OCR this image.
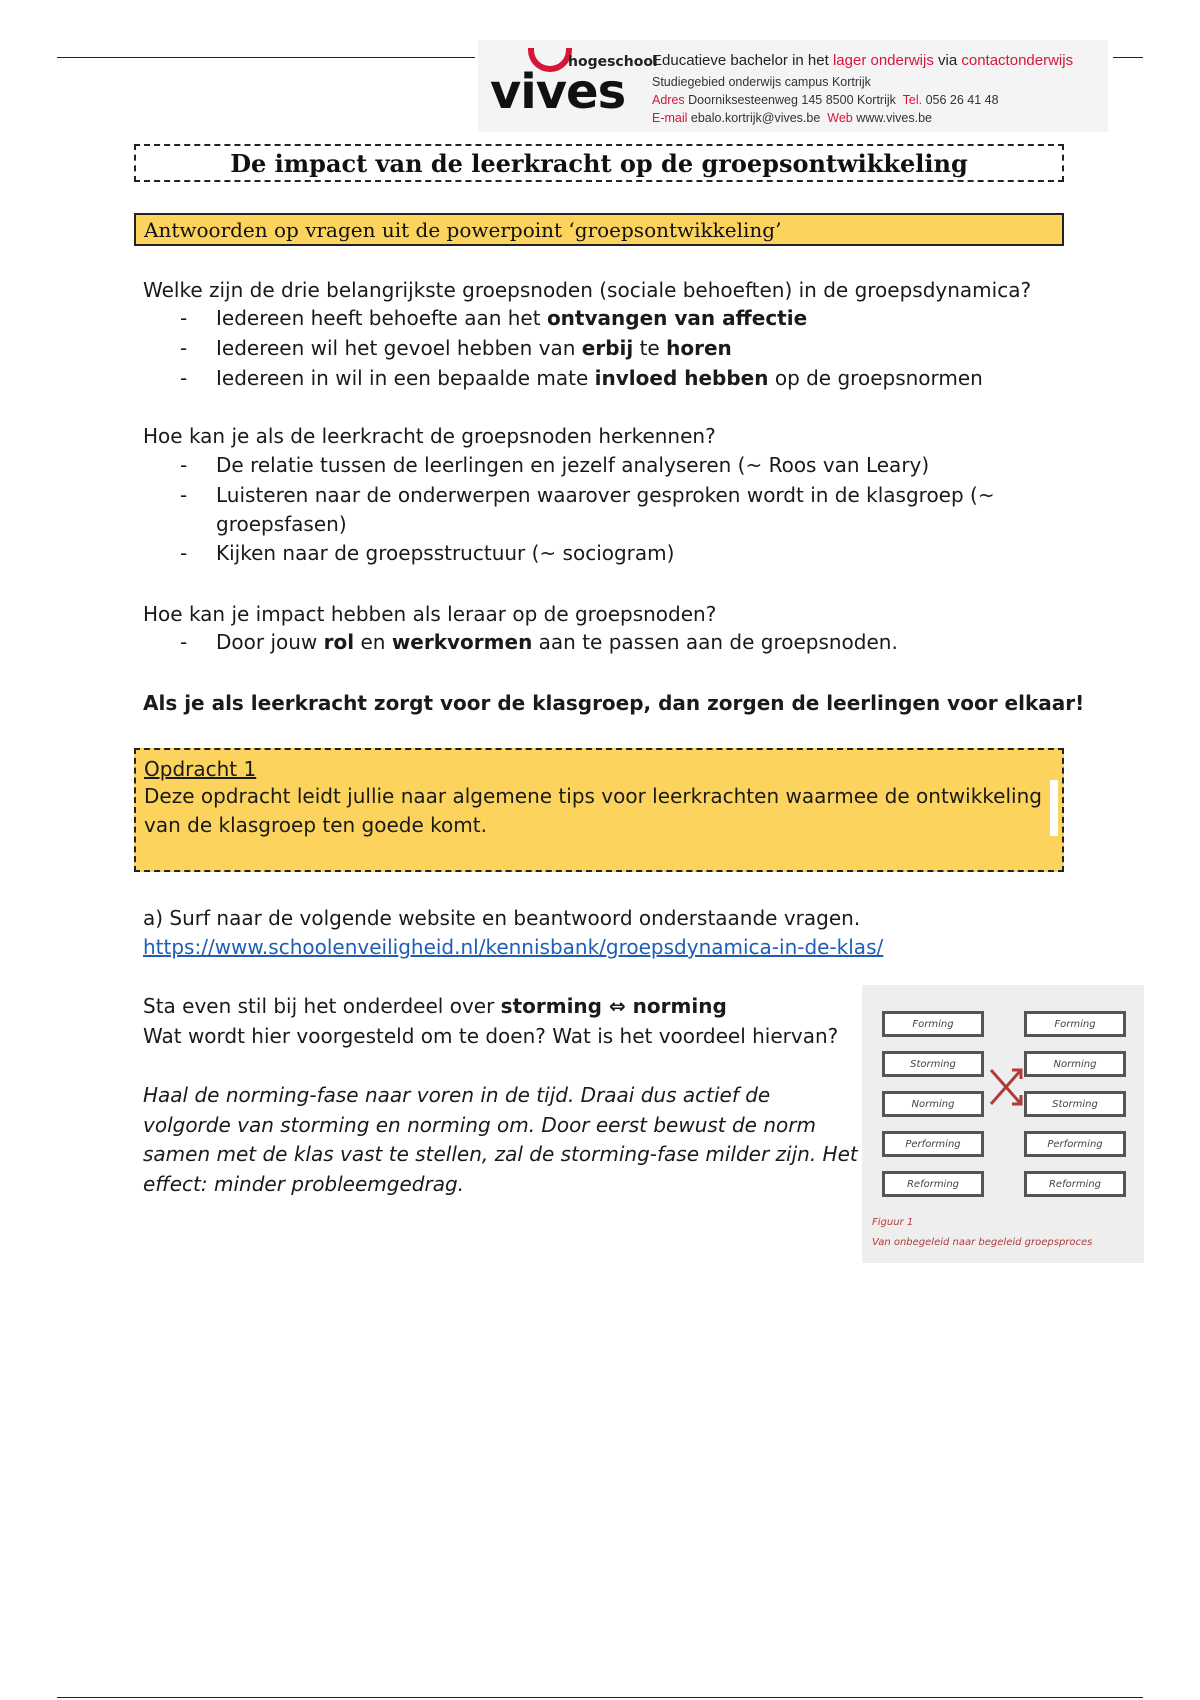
hogeschool
vives
Educatieve bachelor in het lager onderwijs via contactonderwijs
Studiegebied onderwijs campus Kortrijk
Adres Doorniksesteenweg 145 8500 Kortrijk Tel. 056 26 41 48
E-mail ebalo.kortrijk@vives.be Web www.vives.be
De impact van de leerkracht op de groepsontwikkeling
Antwoorden op vragen uit de powerpoint ‘groepsontwikkeling’
Welke zijn de drie belangrijkste groepsnoden (sociale behoeften) in de groepsdynamica?
- Iedereen heeft behoefte aan het ontvangen van affectie
- Iedereen wil het gevoel hebben van erbij te horen
- Iedereen in wil in een bepaalde mate invloed hebben op de groepsnormen
Hoe kan je als de leerkracht de groepsnoden herkennen?
- De relatie tussen de leerlingen en jezelf analyseren (~ Roos van Leary)
- Luisteren naar de onderwerpen waarover gesproken wordt in de klasgroep (~
groepsfasen)
- Kijken naar de groepsstructuur (~ sociogram)
Hoe kan je impact hebben als leraar op de groepsnoden?
- Door jouw rol en werkvormen aan te passen aan de groepsnoden.
Als je als leerkracht zorgt voor de klasgroep, dan zorgen de leerlingen voor elkaar!
Opdracht 1
Deze opdracht leidt jullie naar algemene tips voor leerkrachten waarmee de ontwikkeling van de klasgroep ten goede komt.
a) Surf naar de volgende website en beantwoord onderstaande vragen.
https://www.schoolenveiligheid.nl/kennisbank/groepsdynamica-in-de-klas/
Sta even stil bij het onderdeel over storming ⇔ norming
Wat wordt hier voorgesteld om te doen? Wat is het voordeel hiervan?
Haal de norming-fase naar voren in de tijd. Draai dus actief de
volgorde van storming en norming om. Door eerst bewust de norm
samen met de klas vast te stellen, zal de storming-fase milder zijn. Het
effect: minder probleemgedrag.
Forming
Storming
Norming
Performing
Reforming
Forming
Norming
Storming
Performing
Reforming
Figuur 1
Van onbegeleid naar begeleid groepsproces
